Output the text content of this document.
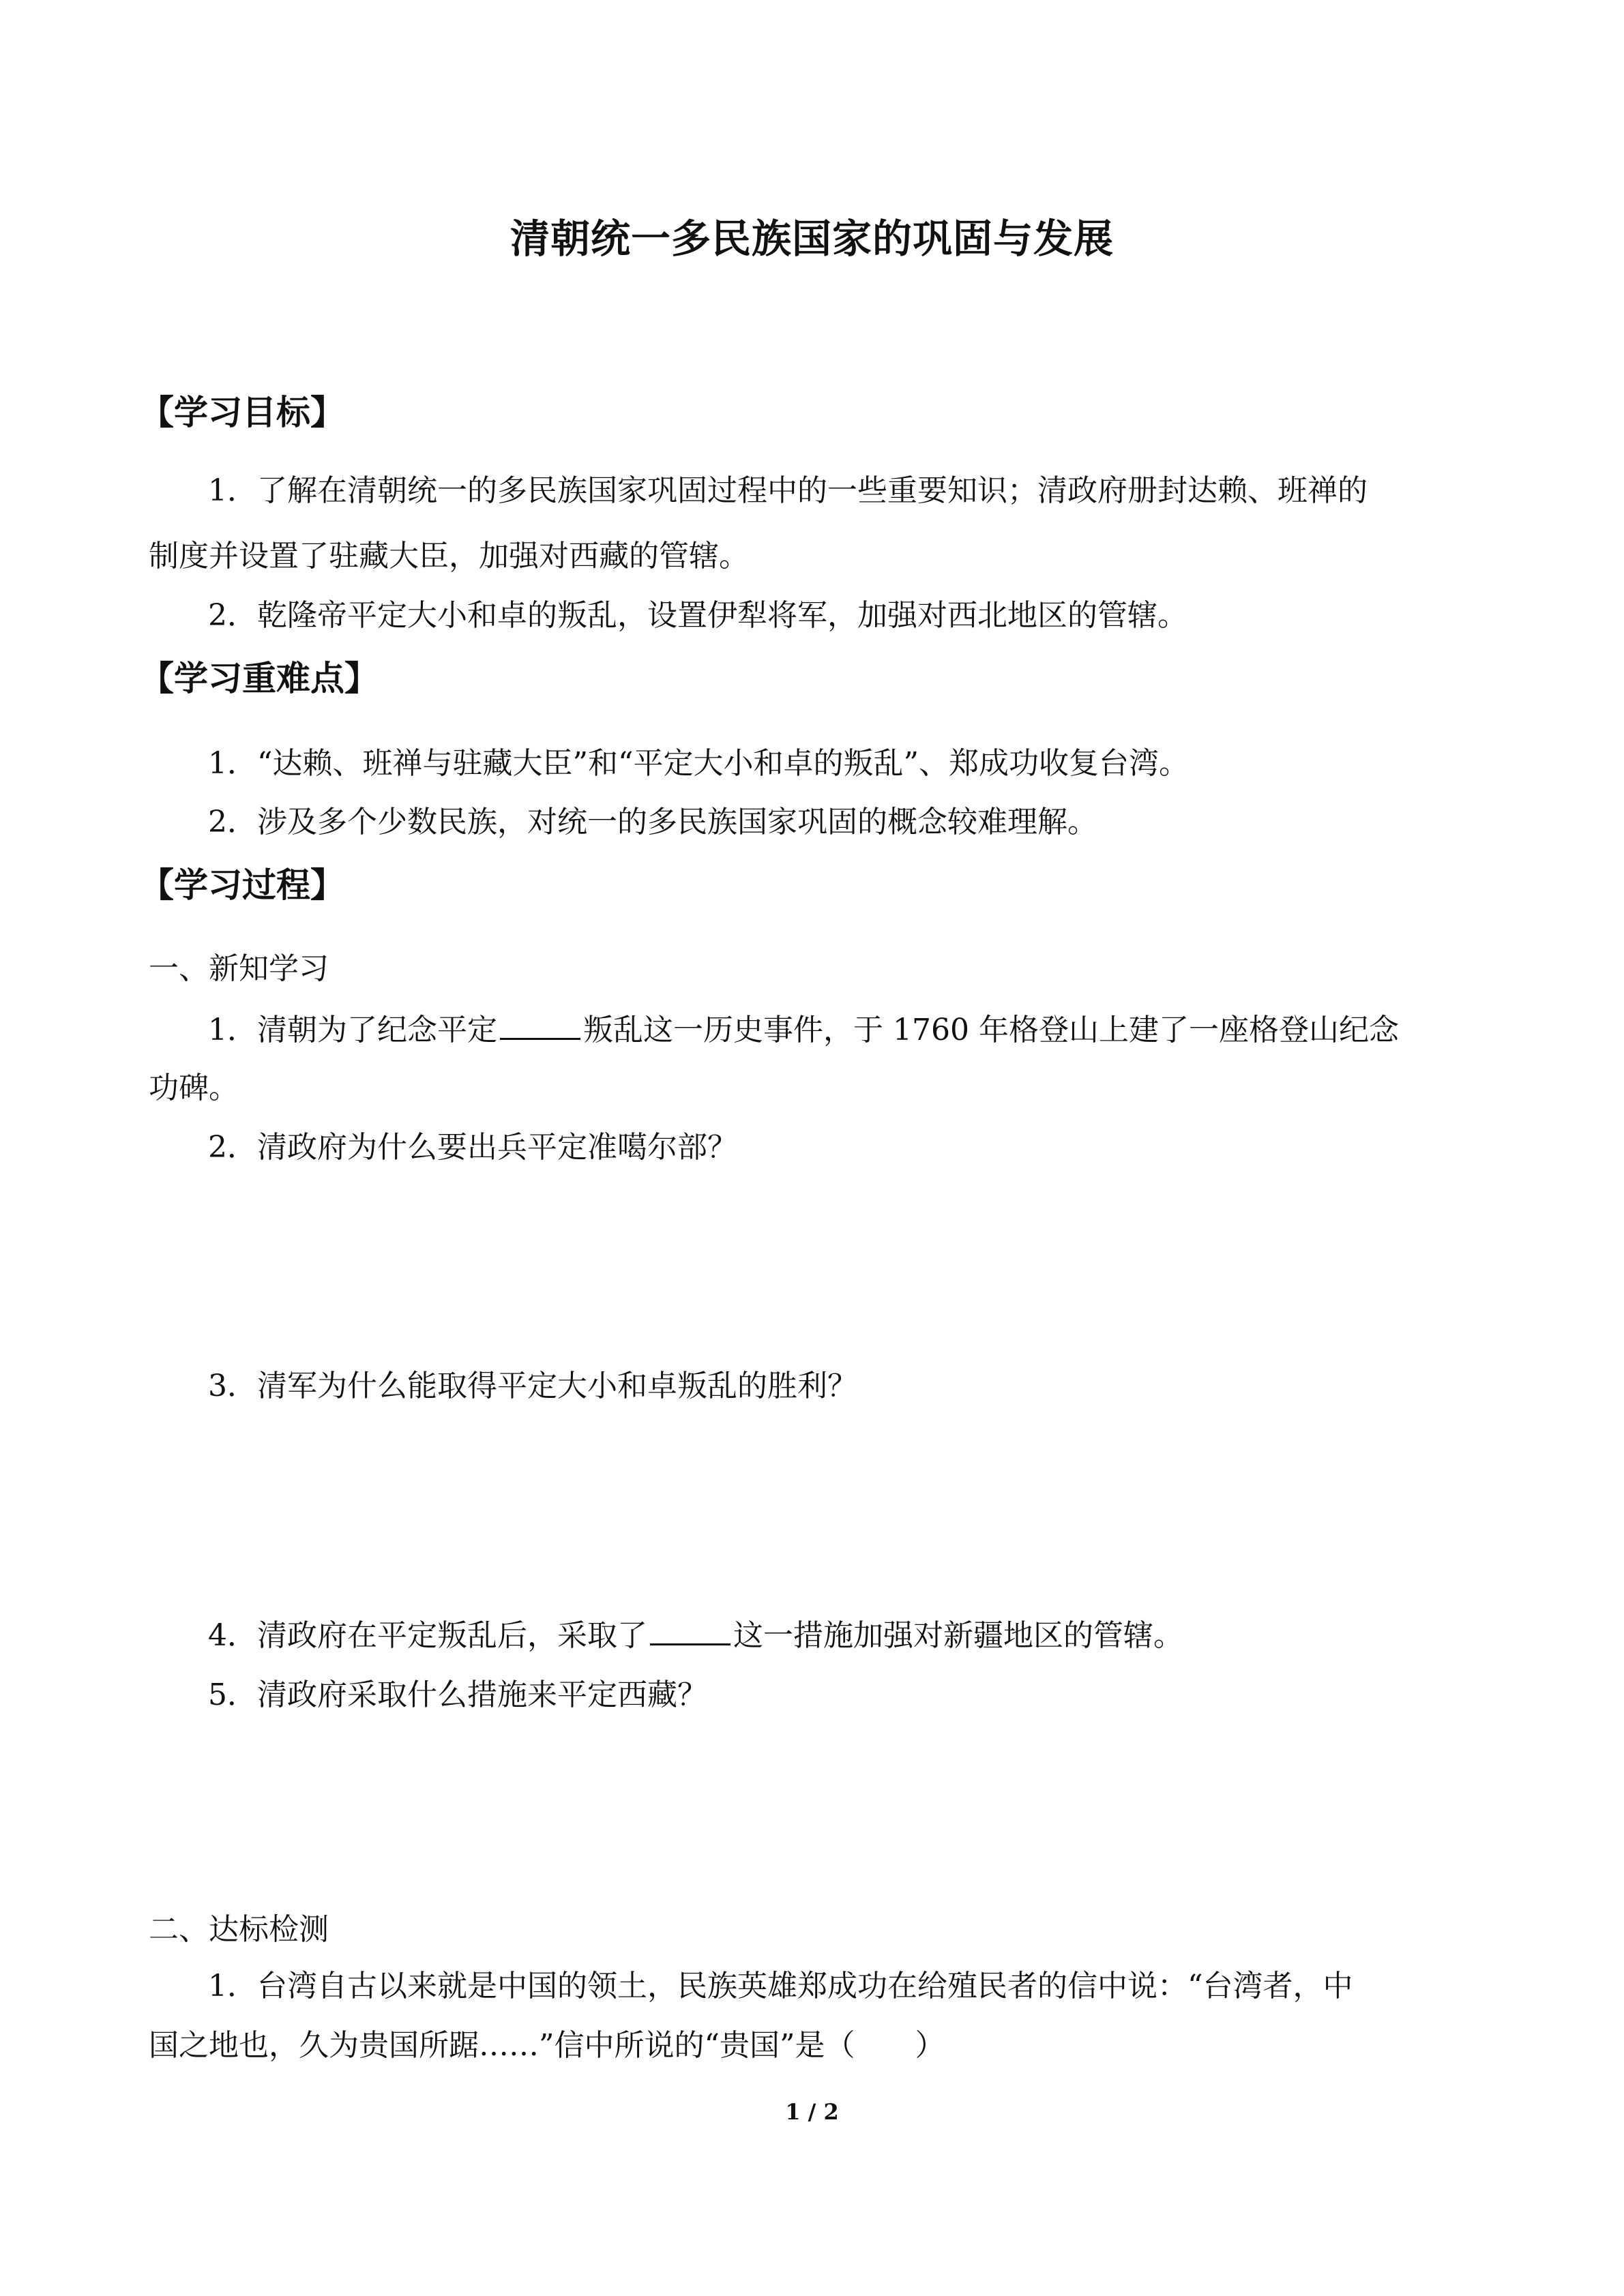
清朝统一多民族国家的巩固与发展
【学习目标】
1．了解在清朝统一的多民族国家巩固过程中的一些重要知识；清政府册封达赖、班禅的
制度并设置了驻藏大臣，加强对西藏的管辖。
2．乾隆帝平定大小和卓的叛乱，设置伊犁将军，加强对西北地区的管辖。
【学习重难点】
1．“达赖、班禅与驻藏大臣”和“平定大小和卓的叛乱”、郑成功收复台湾。
2．涉及多个少数民族，对统一的多民族国家巩固的概念较难理解。
【学习过程】
一、新知学习
1．清朝为了纪念平定	叛乱这一历史事件，于 1760 年格登山上建了一座格登山纪念
功碑。
2．清政府为什么要出兵平定准噶尔部？
3．清军为什么能取得平定大小和卓叛乱的胜利？
4．清政府在平定叛乱后，采取了	这一措施加强对新疆地区的管辖。
5．清政府采取什么措施来平定西藏？
二、达标检测
1．台湾自古以来就是中国的领土，民族英雄郑成功在给殖民者的信中说：“台湾者，中
国之地也，久为贵国所踞……”信中所说的“贵国”是（　　）
1 / 2
